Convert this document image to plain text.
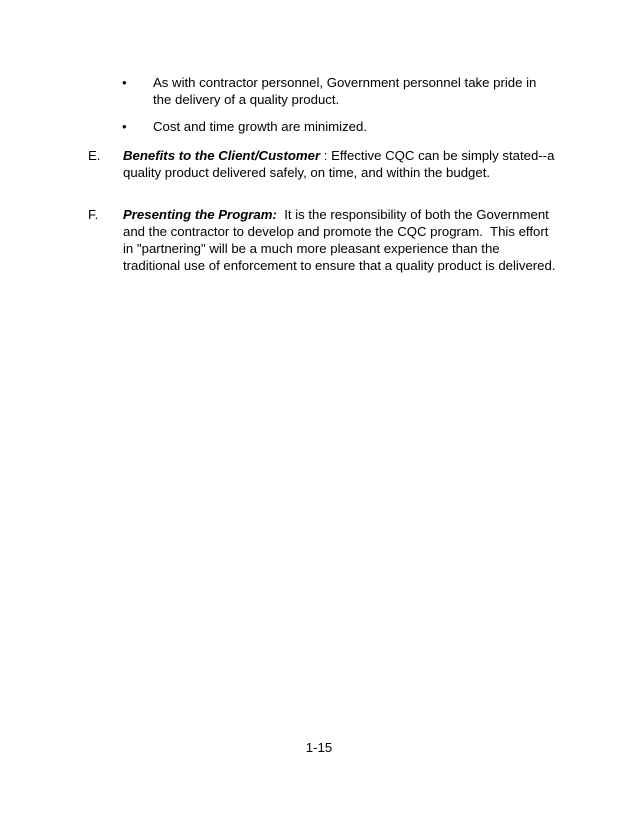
• As with contractor personnel, Government personnel take pride in the delivery of a quality product.
• Cost and time growth are minimized.
E. Benefits to the Client/Customer : Effective CQC can be simply stated--a quality product delivered safely, on time, and within the budget.
F. Presenting the Program:  It is the responsibility of both the Government and the contractor to develop and promote the CQC program.  This effort in "partnering" will be a much more pleasant experience than the traditional use of enforcement to ensure that a quality product is delivered.
1-15
